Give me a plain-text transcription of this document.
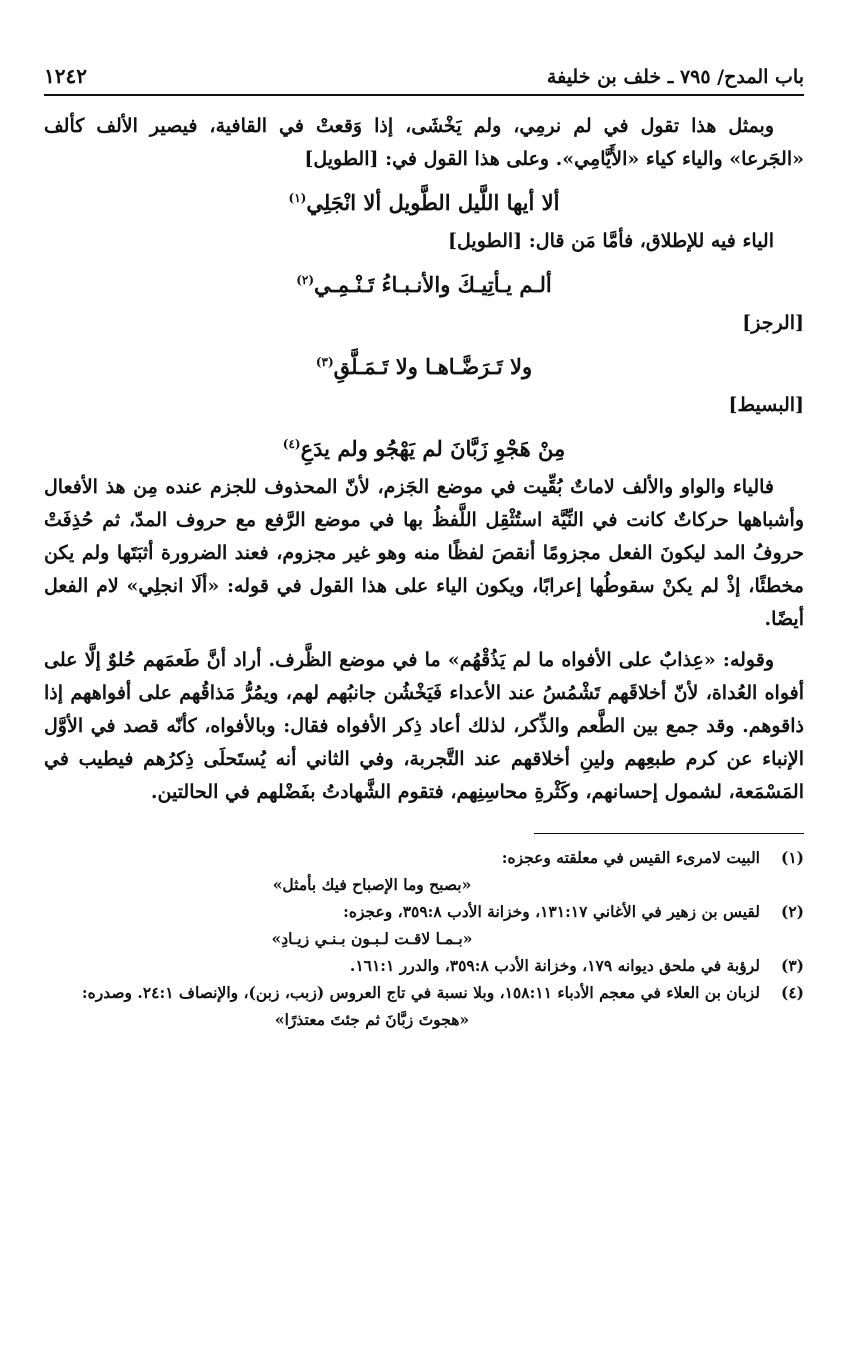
باب المدح/ ٧٩٥ ـ خلف بن خليفة
١٢٤٢

وبمثل هذا تقول في لم نرمِي، ولم يَخْشَى، إذا وَقعتْ في القافية، فيصير الألف كألف «الجَرعا» والياء كياء «الأَيَّامِي». وعلى هذا القول في: [الطويل]

ألا أيها اللَّيل الطَّويل ألا انْجَلِي$^{(١)}$

الياء فيه للإطلاق، فأمَّا مَن قال: [الطويل]

ألـم يـأتِيـكَ والأنـبـاءُ تَـنْـمِـي$^{(٢)}$

[الرجز]

ولا تَـرَضَّـاهـا ولا تَـمَـلَّقِ$^{(٣)}$

[البسيط]

مِنْ هَجْوِ زَبَّانَ لم يَهْجُو ولم يدَعِ$^{(٤)}$

فالياء والواو والألف لاماتٌ بُقِّيت في موضع الجَزم، لأنّ المحذوف للجزم عنده مِن هذ الأفعال وأشباهها حركاتٌ كانت في النِّيَّة استُثْقِل اللَّفظُ بها في موضع الرَّفع مع حروف المدّ، ثم حُذِفَتْ حروفُ المد ليكونَ الفعل مجزومًا أنقصَ لفظًا منه وهو غير مجزوم، فعند الضرورة أثبَتَها ولم يكن مخطئًا، إذْ لم يكنْ سقوطُها إعرابًا، ويكون الياء على هذا القول في قوله: «ألَا انجلِي» لام الفعل أيضًا.

وقوله: «عِذابٌ على الأفواه ما لم يَذُقْهُم» ما في موضع الظَّرف. أراد أنَّ طَعمَهم حُلوٌ إلَّا على أفواه العُداة، لأنّ أخلاقَهم تَشْمُسُ عند الأعداء فَيَخْشُن جانبُهم لهم، ويمُرُّ مَذاقُهم على أفواههم إذا ذاقوهم. وقد جمع بين الطَّعم والذِّكر، لذلك أعاد ذِكر الأفواه فقال: وبالأفواه، كأنّه قصد في الأوَّل الإنباء عن كرم طبعِهم ولينِ أخلاقهم عند التَّجربة، وفي الثاني أنه يُستَحلَى ذِكرُهم فيطيب في المَسْمَعة، لشمول إحسانهم، وكَثْرةِ محاسِنِهم، فتقوم الشَّهادتُ بفَضْلهم في الحالتين.

(١)
البيت لامرىء القيس في معلقته وعجزه:
«بصبح وما الإصباح فيك بأمثل»
(٢)
لقيس بن زهير في الأغاني ١٣١:١٧، وخزانة الأدب ٣٥٩:٨، وعجزه:
«بـمـا لاقـت لـبـون بـنـي زيـادِ»
(٣)
لرؤبة في ملحق ديوانه ١٧٩، وخزانة الأدب ٣٥٩:٨، والدرر ١٦١:١.
(٤)
لزبان بن العلاء في معجم الأدباء ١٥٨:١١، وبلا نسبة في تاج العروس (زبب، زبن)، والإنصاف ٢٤:١. وصدره:
«هجوتَ زبَّانَ ثم جئتَ معتذرًا»
